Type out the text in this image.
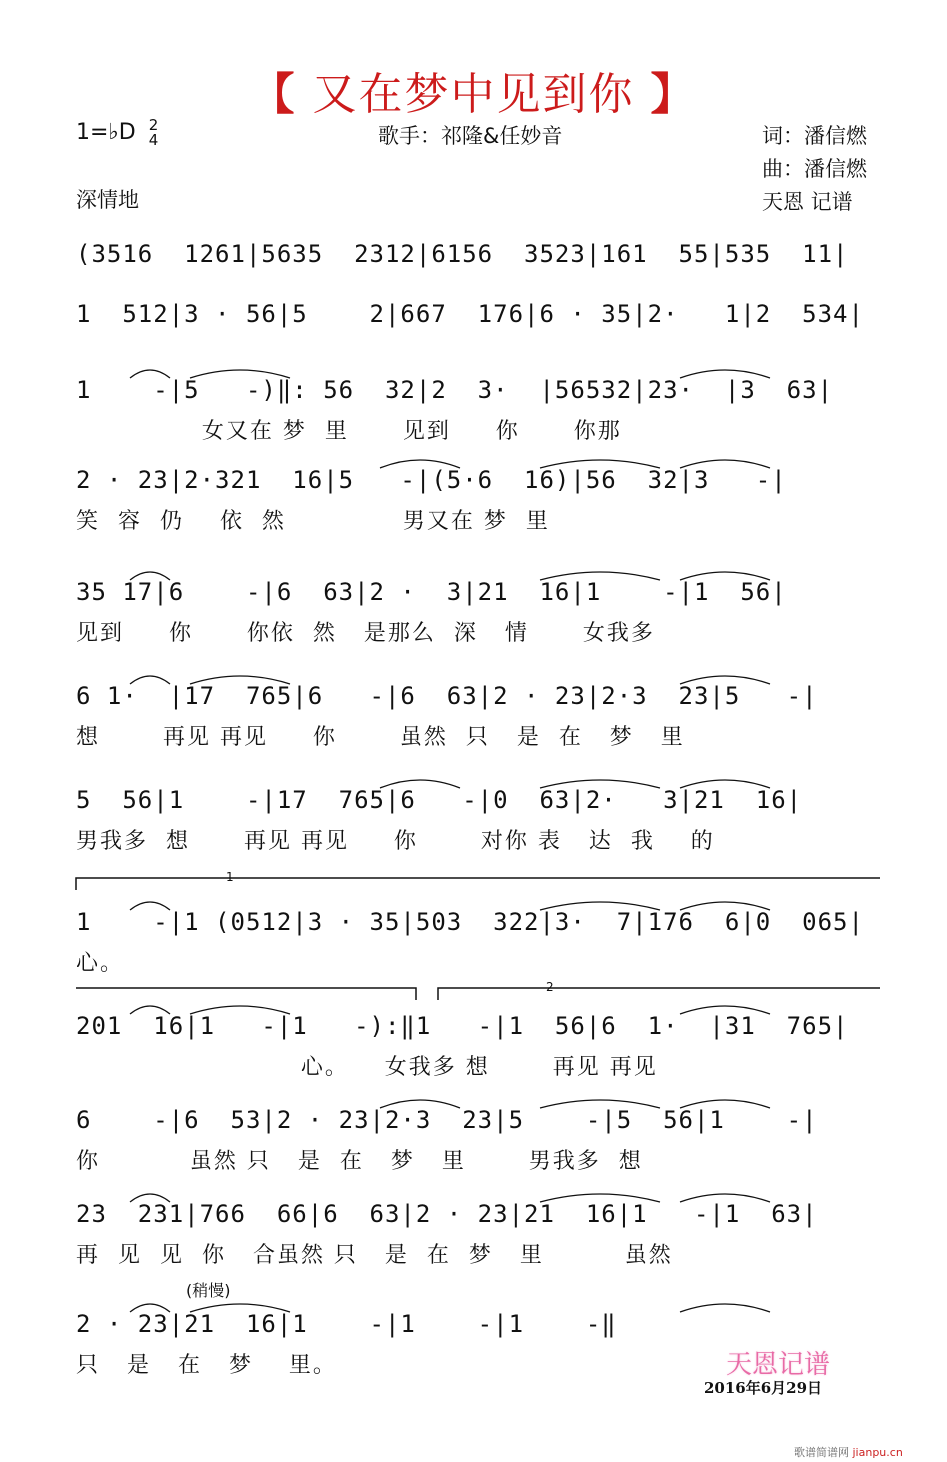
【 又在梦中见到你 】
1=♭D 2
4	歌手：祁隆&任妙音	词：潘信燃
曲：潘信燃
深情地	天恩 记谱
(3516  1261|5635  2312|6156  3523|161  55|535  11|
1  512|3 · 56|5    2|667  176|6 · 35|2·   1|2  534|
1    -|5   -)‖: 56  32|2  3·  |56532|23·  |3  63|
女又在 梦  里      见到     你      你那
2 · 23|2·321  16|5   -|(5·6  16)|56  32|3   -|
笑  容  仍    依  然             男又在 梦  里
35 17|6    -|6  63|2 ·  3|21  16|1    -|1  56|
见到     你      你依  然   是那么  深   情      女我多
6 1·  |17  765|6   -|6  63|2 · 23|2·3  23|5   -|
想       再见 再见     你       虽然  只   是  在   梦   里
5  56|1    -|17  765|6   -|0  63|2·   3|21  16|
男我多  想      再见 再见     你       对你 表   达  我    的
1    -|1 (0512|3 · 35|503  322|3·  7|176  6|0  065|
心。
201  16|1   -|1   -):‖1   -|1  56|6  1·  |31  765|
心。    女我多 想       再见 再见
6    -|6  53|2 · 23|2·3  23|5    -|5  56|1    -|
你          虽然 只   是  在   梦   里       男我多  想
23  231|766  66|6  63|2 · 23|21  16|1   -|1  63|
再  见  见  你   合虽然 只   是  在  梦   里         虽然
2 · 23|21  16|1    -|1    -|1    -‖
只   是   在   梦    里。
(稍慢)
1
2
天恩记谱
2016年6月29日
歌谱简谱网 jianpu.cn
